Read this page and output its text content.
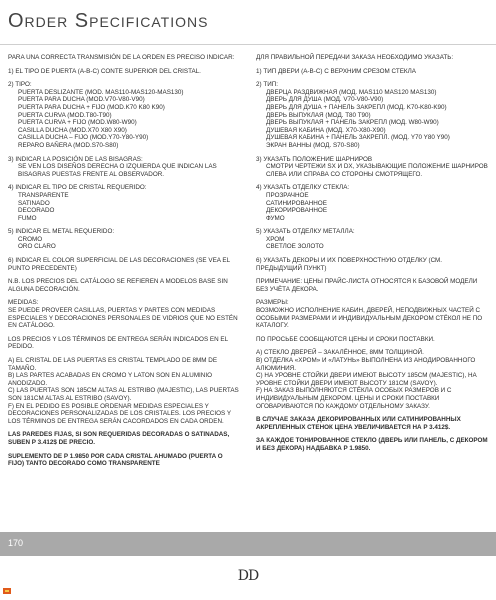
Order Specifications
PARA UNA CORRECTA TRANSMISIÓN DE LA ORDEN ES PRECISO INDICAR:
1) EL TIPO DE PUERTA (A-B-C) CONTE SUPERIOR DEL CRISTAL.
2) TIPO:
PUERTA DESLIZANTE (MOD. MAS110-MAS120-MAS130)
PUERTA PARA DUCHA (MOD.V70-V80-V90)
PUERTA PARA DUCHA + FIJO (MOD.K70 K80 K90)
PUERTA CURVA (MOD.T80-T90)
PUERTA CURVA + FIJO (MOD.W80-W90)
CASILLA DUCHA (MOD.X70 X80 X90)
CASILLA DUCHA – FIJO (MOD.Y70-Y80-Y90)
REPARO BAÑERA (MOD.S70-S80)
3) INDICAR LA POSICIÓN DE LAS BISAGRAS:
SE VEN LOS DISEÑOS DERECHA O IZQUIERDA QUE INDICAN LAS BISAGRAS PUESTAS FRENTE AL OBSERVADOR.
4) INDICAR EL TIPO DE CRISTAL REQUERIDO:
TRANSPARENTE
SATINADO
DECORADO
FUMO
5) INDICAR EL METAL REQUERIDO:
CROMO
ORO CLARO
6) INDICAR EL COLOR SUPERFICIAL DE LAS DECORACIONES (SE VEA EL PUNTO PRECEDENTE)
N.B. LOS PRECIOS DEL CATÁLOGO SE REFIEREN A MODELOS BASE SIN ALGUNA DECORACIÓN.
MEDIDAS:
SE PUEDE PROVEER CASILLAS, PUERTAS Y PARTES CON MEDIDAS ESPECIALES Y DECORACIONES PERSONALES DE VIDRIOS QUE NO ESTÉN EN CATÁLOGO.
LOS PRECIOS Y LOS TÉRMINOS DE ENTREGA SERÁN INDICADOS EN EL PEDIDO.
A) EL CRISTAL DE LAS PUERTAS ES CRISTAL TEMPLADO DE 8MM DE TAMAÑO.
B) LAS PARTES ACABADAS EN CROMO Y LATON SON EN ALUMINIO ANODIZADO.
C) LAS PUERTAS SON 185CM ALTAS AL ESTRIBO (MAJESTIC), LAS PUERTAS SON 181CM ALTAS AL ESTRIBO (SAVOY).
F) EN EL PEDIDO ES POSIBLE ORDENAR MEDIDAS ESPECIALES Y DECORACIONES PERSONALIZADAS DE LOS CRISTALES. LOS PRECIOS Y LOS TÉRMINOS DE ENTREGA SERÁN CACORDADOS EN CADA ORDEN.
LAS PAREDES FIJAS, SI SON REQUERIDAS DECORADAS O SATINADAS, SUBEN P 3.412$ DE PRECIO.
SUPLEMENTO DE P 1.9850 POR CADA CRISTAL AHUMADO (PUERTA O FIJO) TANTO DECORADO COMO TRANSPARENTE
ДЛЯ ПРАВИЛЬНОЙ ПЕРЕДАЧИ ЗАКАЗА НЕОБХОДИМО УКАЗАТЬ:
1) ТИП ДВЕРИ (A-B-C) С ВЕРХНИМ СРЕЗОМ СТЕКЛА
2) ТИП:
ДВЕРЦА РАЗДВИЖНАЯ (МОД. MAS110 MAS120 MAS130)
ДВЕРЬ ДЛЯ ДУША (МОД. V70-V80-V90)
ДВЕРЬ ДЛЯ ДУША + ПАНЕЛЬ ЗАКРЕПЛ (МОД. K70-K80-K90)
ДВЕРЬ ВЫПУКЛАЯ (МОД. T80 T90)
ДВЕРЬ ВЫПУКЛАЯ + ПАНЕЛЬ ЗАКРЕПЛ (МОД. W80-W90)
ДУШЕВАЯ КАБИНА (МОД. X70-X80-X90)
ДУШЕВАЯ КАБИНА + ПАНЕЛЬ ЗАКРЕПЛ. (МОД. Y70 Y80 Y90)
ЭКРАН ВАННЫ (МОД. S70-S80)
3) УКАЗАТЬ ПОЛОЖЕНИЕ ШАРНИРОВ
СМОТРИ ЧЕРТЕЖИ SX И DX, УКАЗЫВАЮЩИЕ ПОЛОЖЕНИЕ ШАРНИРОВ СЛЕВА ИЛИ СПРАВА СО СТОРОНЫ СМОТРЯЩЕГО.
4) УКАЗАТЬ ОТДЕЛКУ СТЕКЛА:
ПРОЗРАЧНОЕ
САТИНИРОВАННОЕ
ДЕКОРИРОВАННОЕ
ФУМО
5) УКАЗАТЬ ОТДЕЛКУ МЕТАЛЛА:
ХРОМ
СВЕТЛОЕ ЗОЛОТО
6) УКАЗАТЬ ДЕКОРЫ И ИХ ПОВЕРХНОСТНУЮ ОТДЕЛКУ (СМ. ПРЕДЫДУЩИЙ ПУНКТ)
ПРИМЕЧАНИЕ: ЦЕНЫ ПРАЙС-ЛИСТА ОТНОСЯТСЯ К БАЗОВОЙ МОДЕЛИ БЕЗ УЧЁТА ДЕКОРА.
РАЗМЕРЫ:
ВОЗМОЖНО ИСПОЛНЕНИЕ КАБИН, ДВЕРЕЙ, НЕПОДВИЖНЫХ ЧАСТЕЙ С ОСОБЫМИ РАЗМЕРАМИ И ИНДИВИДУАЛЬНЫМ ДЕКОРОМ СТЁКОЛ НЕ ПО КАТАЛОГУ.
ПО ПРОСЬБЕ СООБЩАЮТСЯ ЦЕНЫ И СРОКИ ПОСТАВКИ.
A) СТЕКЛО ДВЕРЕЙ – ЗАКАЛЁННОЕ, 8ММ ТОЛЩИНОЙ.
B) ОТДЕЛКА «ХРОМ» И «ЛАТУНЬ» ВЫПОЛНЕНА ИЗ АНОДИРОВАННОГО АЛЮМИНИЯ.
C) НА УРОВНЕ СТОЙКИ ДВЕРИ ИМЕЮТ ВЫСОТУ 185СМ (MAJESTIC), НА УРОВНЕ СТОЙКИ ДВЕРИ ИМЕЮТ ВЫСОТУ 181СМ (SAVOY).
F) НА ЗАКАЗ ВЫПОЛНЯЮТСЯ СТЁКЛА ОСОБЫХ РАЗМЕРОВ И С ИНДИВИДУАЛЬНЫМ ДЕКОРОМ. ЦЕНЫ И СРОКИ ПОСТАВКИ ОГОВАРИВАЮТСЯ ПО КАЖДОМУ ОТДЕЛЬНОМУ ЗАКАЗУ.
В СЛУЧАЕ ЗАКАЗА ДЕКОРИРОВАННЫХ ИЛИ САТИНИРОВАННЫХ АКРЕПЛЕННЫХ СТЕНОК ЦЕНА УВЕЛИЧИВАЕТСЯ НА P 3.412$.
ЗА КАЖДОЕ ТОНИРОВАННОЕ СТЕКЛО (ДВЕРЬ ИЛИ ПАНЕЛЬ, С ДЕКОРОМ И БЕЗ ДЕКОРА) НАДБАВКА P 1.9850.
170
DD
